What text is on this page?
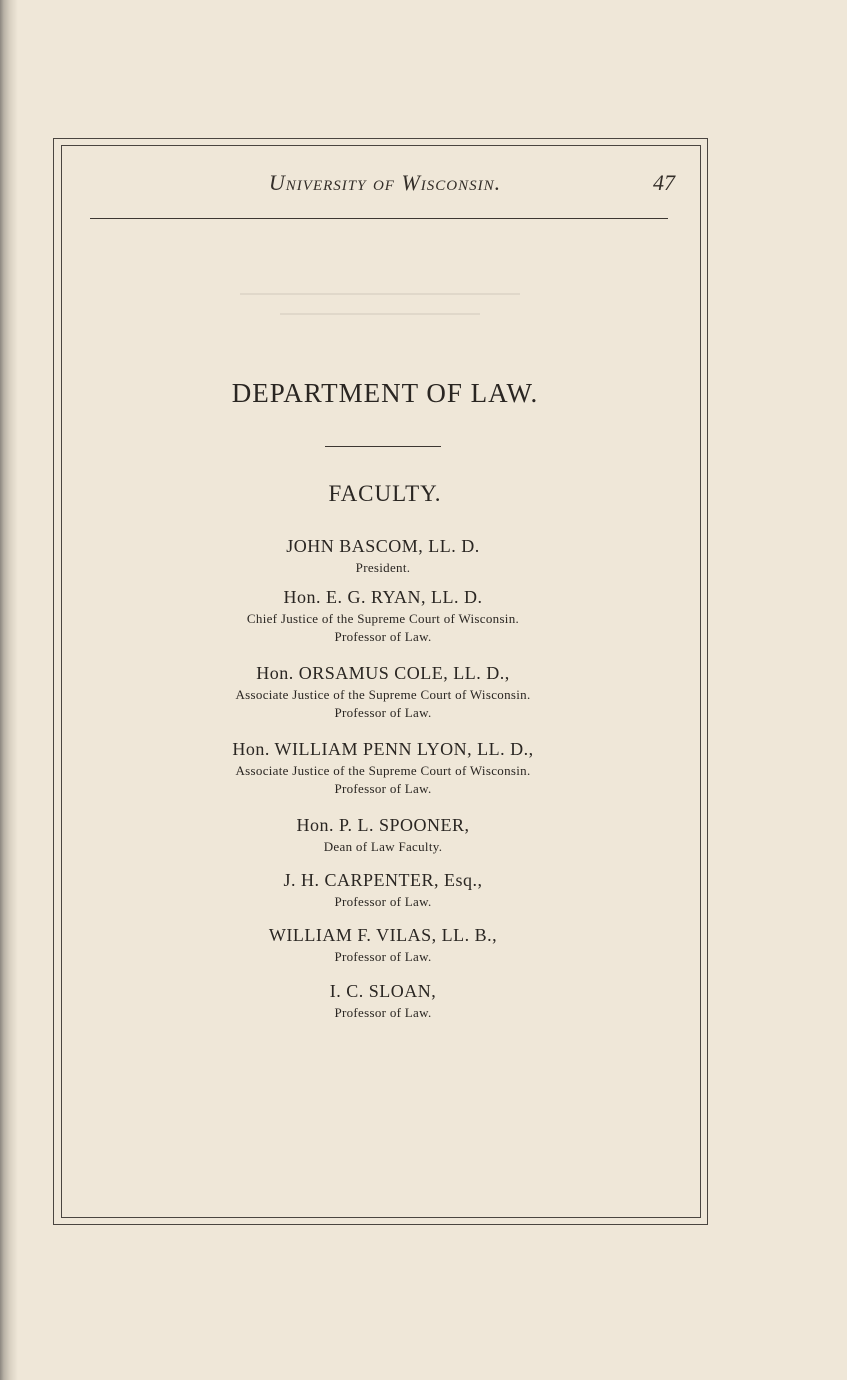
University of Wisconsin.	47
DEPARTMENT OF LAW.
FACULTY.
JOHN BASCOM, LL. D.
President.
Hon. E. G. RYAN, LL. D.
Chief Justice of the Supreme Court of Wisconsin.
Professor of Law.
Hon. ORSAMUS COLE, LL. D.,
Associate Justice of the Supreme Court of Wisconsin.
Professor of Law.
Hon. WILLIAM PENN LYON, LL. D.,
Associate Justice of the Supreme Court of Wisconsin.
Professor of Law.
Hon. P. L. SPOONER,
Dean of Law Faculty.
J. H. CARPENTER, Esq.,
Professor of Law.
WILLIAM F. VILAS, LL. B.,
Professor of Law.
I. C. SLOAN,
Professor of Law.
